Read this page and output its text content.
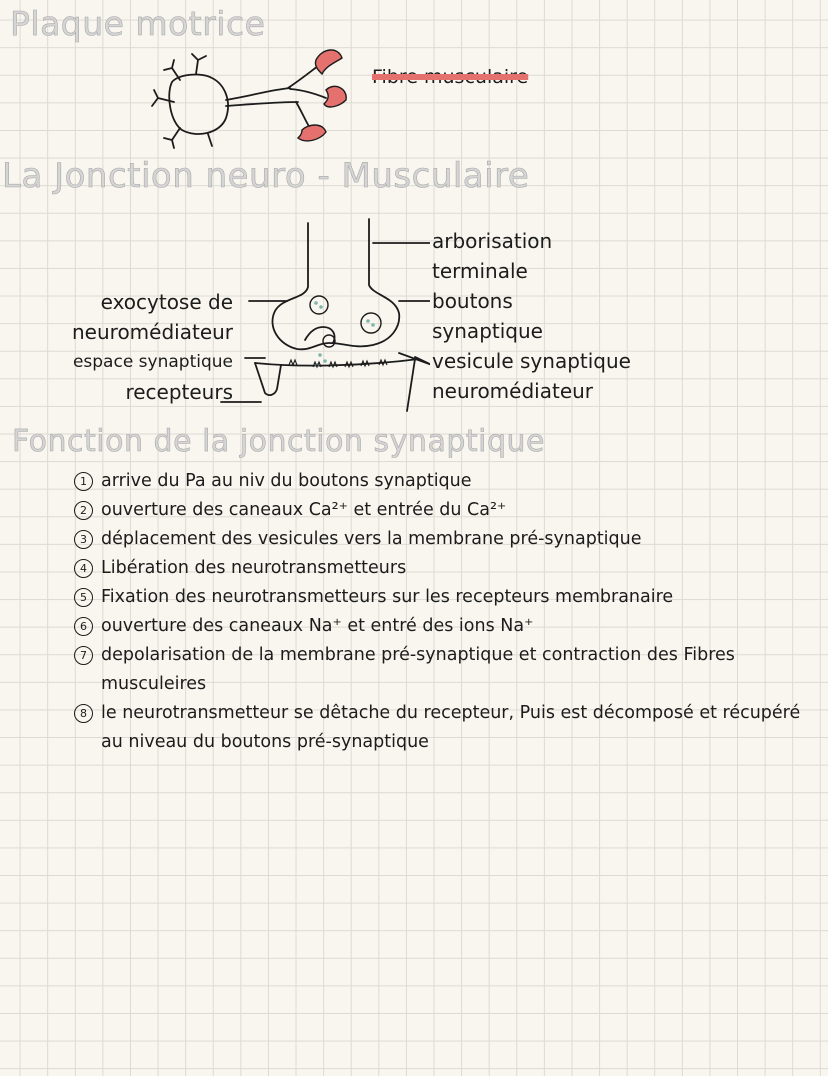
Plaque motrice
Fibre musculaire
La Jonction neuro - Musculaire
exocytose de
neuromédiateur
espace synaptique
recepteurs
arborisation
terminale
boutons
synaptique
vesicule synaptique
neuromédiateur
Fonction de la jonction synaptique
1 arrive du Pa au niv du boutons synaptique
2 ouverture des caneaux Ca²⁺ et entrée du Ca²⁺
3 déplacement des vesicules vers la membrane pré-synaptique
4 Libération des neurotransmetteurs
5 Fixation des neurotransmetteurs sur les recepteurs membranaire
6 ouverture des caneaux Na⁺ et entré des ions Na⁺
7 depolarisation de la membrane pré-synaptique et contraction des Fibres musculeires
8 le neurotransmetteur se dêtache du recepteur, Puis est décomposé et récupéré au niveau du boutons pré-synaptique
